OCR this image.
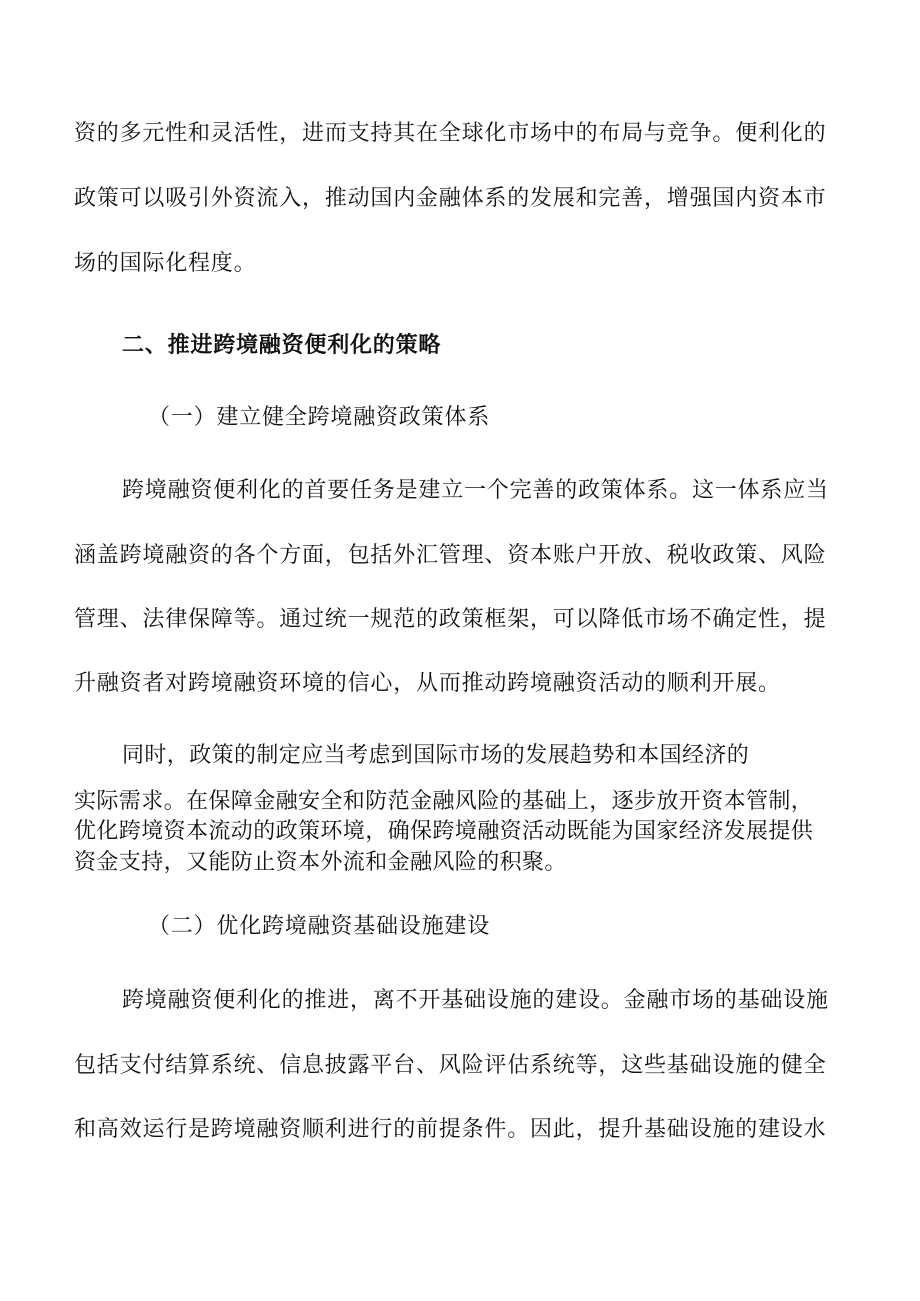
资的多元性和灵活性，进而支持其在全球化市场中的布局与竞争。便利化的
政策可以吸引外资流入，推动国内金融体系的发展和完善，增强国内资本市
场的国际化程度。
二、推进跨境融资便利化的策略
（一）建立健全跨境融资政策体系
跨境融资便利化的首要任务是建立一个完善的政策体系。这一体系应当
涵盖跨境融资的各个方面，包括外汇管理、资本账户开放、税收政策、风险
管理、法律保障等。通过统一规范的政策框架，可以降低市场不确定性，提
升融资者对跨境融资环境的信心，从而推动跨境融资活动的顺利开展。
同时，政策的制定应当考虑到国际市场的发展趋势和本国经济的
实际需求。在保障金融安全和防范金融风险的基础上，逐步放开资本管制，
优化跨境资本流动的政策环境，确保跨境融资活动既能为国家经济发展提供
资金支持，又能防止资本外流和金融风险的积聚。
（二）优化跨境融资基础设施建设
跨境融资便利化的推进，离不开基础设施的建设。金融市场的基础设施
包括支付结算系统、信息披露平台、风险评估系统等，这些基础设施的健全
和高效运行是跨境融资顺利进行的前提条件。因此，提升基础设施的建设水
